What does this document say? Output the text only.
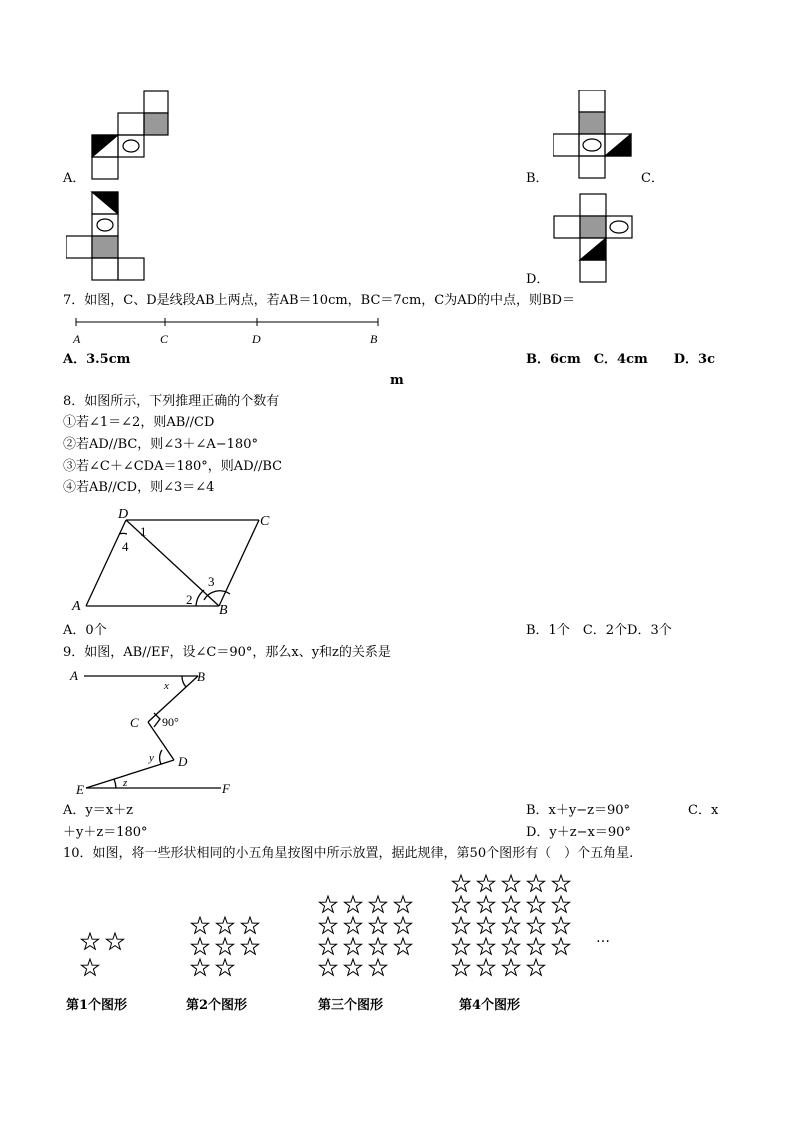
A．	B．	C．
D．
7．如图，C、D是线段AB上两点，若AB＝10cm，BC＝7cm，C为AD的中点，则BD＝
A	C	D	B
A．3.5cm	B．6cm　C．4cm　　D．3c
m
8．如图所示，下列推理正确的个数有
①若∠1＝∠2，则AB//CD
②若AD//BC，则∠3＋∠A−180°
③若∠C＋∠CDA＝180°，则AD//BC
④若AB//CD，则∠3＝∠4
D	C
A	B
1
4
2
3
A．0个	B．1个　C．2个D．3个
9．如图，AB//EF，设∠C＝90°，那么x、y和z的关系是
A	B
C
D
E	F
x
y
z
90°
A．y＝x＋z	B．x＋y−z＝90°	C．x
＋y＋z＝180°	D．y＋z−x＝90°
10．如图，将一些形状相同的小五角星按图中所示放置，据此规律，第50个图形有（　）个五角星.
…
第1个图形	第2个图形	第三个图形	第4个图形
